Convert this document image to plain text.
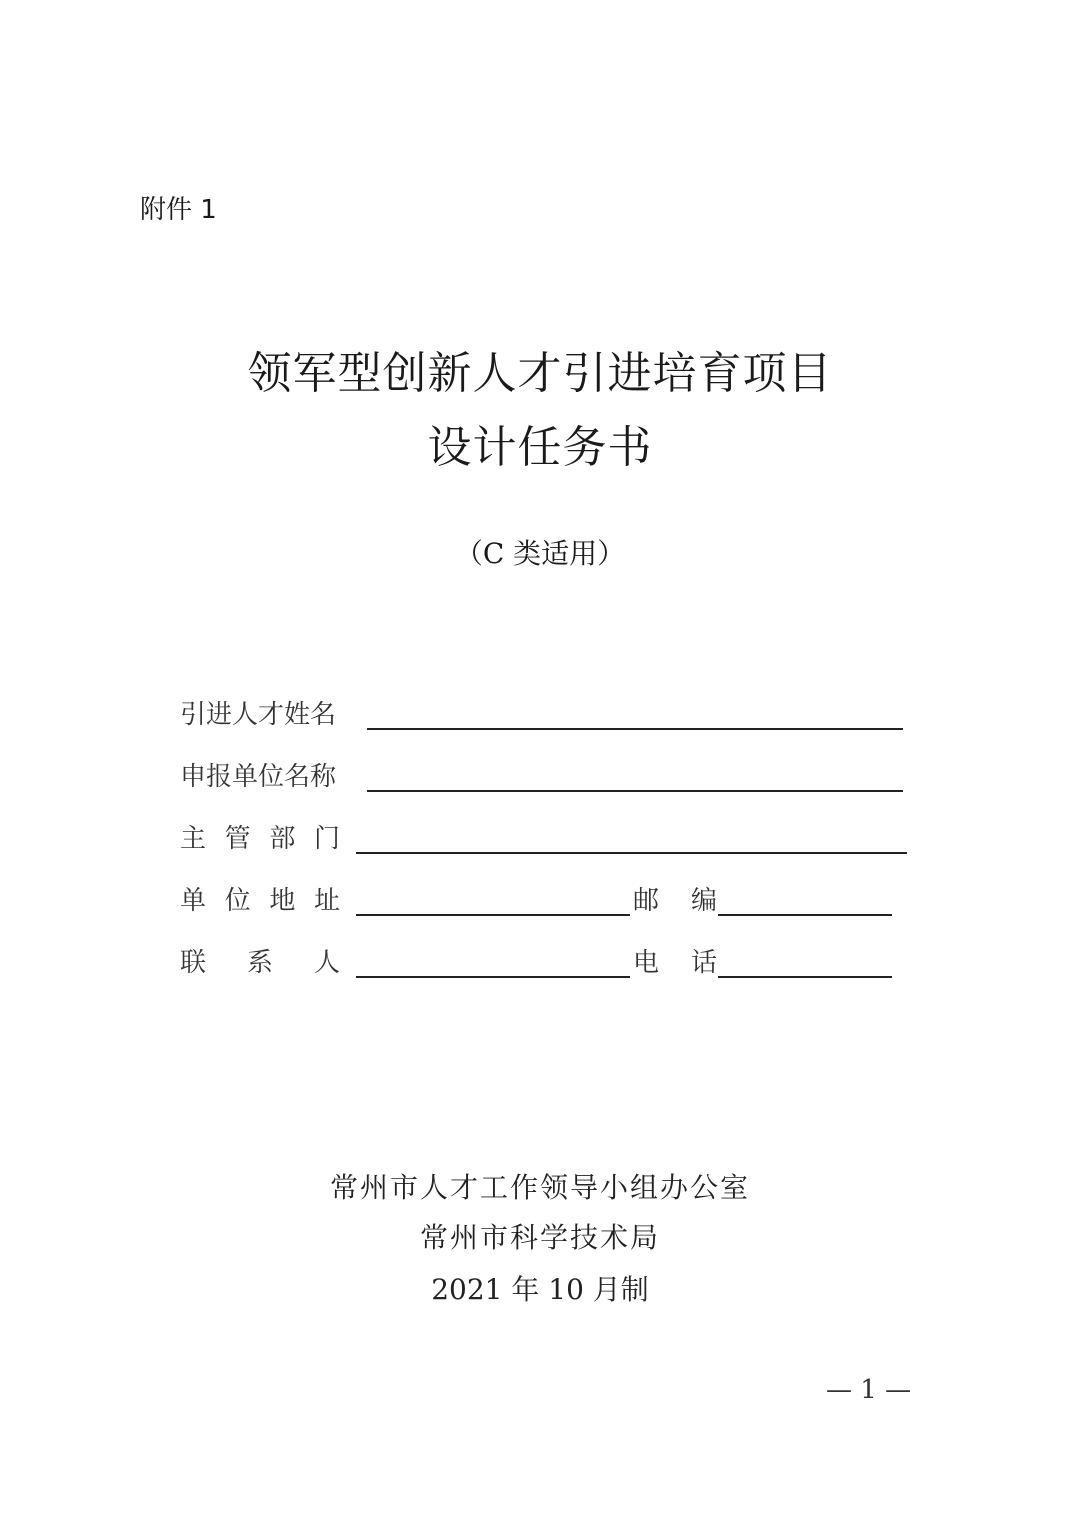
附件 1
领军型创新人才引进培育项目
设计任务书
（C 类适用）
引进人才姓名
申报单位名称
主 管 部 门
单 位 地 址	邮 编
联 系 人	电 话
常州市人才工作领导小组办公室
常州市科学技术局
2021 年 10 月制
— 1 —
